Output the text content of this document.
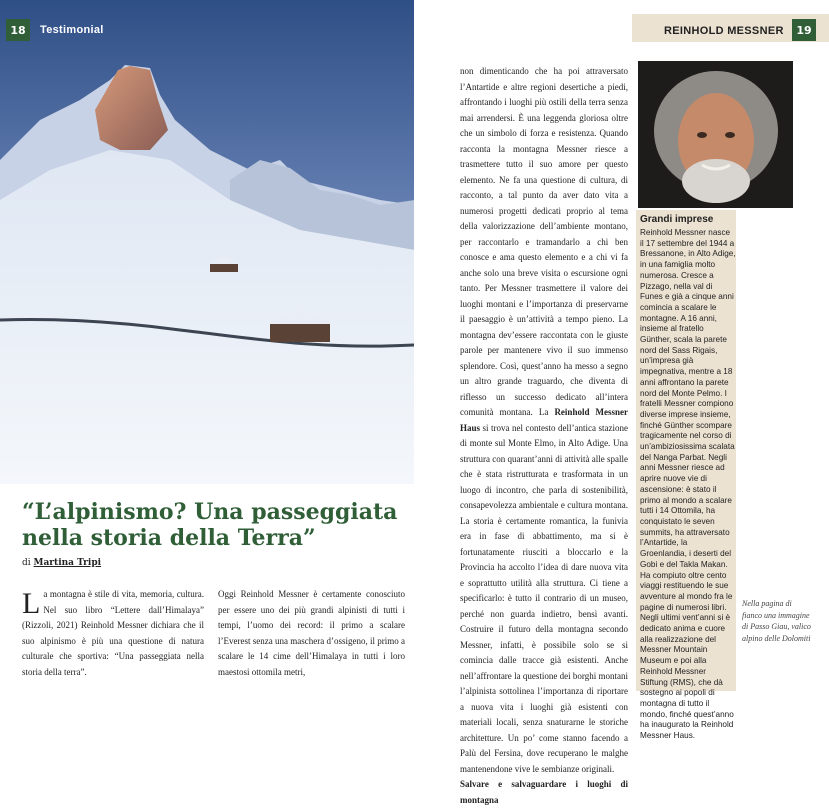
18	Testimonial
“L’alpinismo? Una passeggiata nella storia della Terra”
di Martina Tripi
L a montagna è stile di vita, memoria, cultura. Nel suo libro “Lettere dall’Himalaya” (Rizzoli, 2021) Reinhold Messner dichiara che il suo alpinismo è più una questione di natura culturale che sportiva: “Una passeggiata nella storia della terra”.
Oggi Reinhold Messner è certamente conosciuto per essere uno dei più grandi alpinisti di tutti i tempi, l’uomo dei record: il primo a scalare l’Everest senza una maschera d’ossigeno, il primo a scalare le 14 cime dell’Himalaya in tutti i loro maestosi ottomila metri,
REINHOLD MESSNER	19
non dimenticando che ha poi attraversato l’Antartide e altre regioni desertiche a piedi, affrontando i luoghi più ostili della terra senza mai arrendersi. È una leggenda gloriosa oltre che un simbolo di forza e resistenza. Quando racconta la montagna Messner riesce a trasmettere tutto il suo amore per questo elemento. Ne fa una questione di cultura, di racconto, a tal punto da aver dato vita a numerosi progetti dedicati proprio al tema della valorizzazione dell’ambiente montano, per raccontarlo e tramandarlo a chi ben conosce e ama questo elemento e a chi vi fa anche solo una breve visita o escursione ogni tanto. Per Messner trasmettere il valore dei luoghi montani e l’importanza di preservarne il paesaggio è un’attività a tempo pieno. La montagna dev’essere raccontata con le giuste parole per mantenere vivo il suo immenso splendore. Così, quest’anno ha messo a segno un altro grande traguardo, che diventa di riflesso un successo dedicato all’intera comunità montana. La Reinhold Messner Haus si trova nel contesto dell’antica stazione di monte sul Monte Elmo, in Alto Adige. Una struttura con quarant’anni di attività alle spalle che è stata ristrutturata e trasformata in un luogo di incontro, che parla di sostenibilità, consapevolezza ambientale e cultura montana. La storia è certamente romantica, la funivia era in fase di abbattimento, ma si è fortunatamente riusciti a bloccarlo e la Provincia ha accolto l’idea di dare nuova vita e soprattutto utilità alla struttura. Ci tiene a specificarlo: è tutto il contrario di un museo, perché non guarda indietro, bensì avanti. Costruire il futuro della montagna secondo Messner, infatti, è possibile solo se si comincia dalle tracce già esistenti. Anche nell’affrontare la questione dei borghi montani l’alpinista sottolinea l’importanza di riportare a nuova vita i luoghi già esistenti con materiali locali, senza snaturarne le storiche architetture. Un po’ come stanno facendo a Palù del Fersina, dove recuperano le malghe mantenendone vive le sembianze originali.
Salvare e salvaguardare i luoghi di montagna
Grandi imprese
Reinhold Messner nasce il 17 settembre del 1944 a Bressanone, in Alto Adige, in una famiglia molto numerosa. Cresce a Pizzago, nella val di Funes e già a cinque anni comincia a scalare le montagne. A 16 anni, insieme al fratello Günther, scala la parete nord del Sass Rigais, un’impresa già impegnativa, mentre a 18 anni affrontano la parete nord del Monte Pelmo. I fratelli Messner compiono diverse imprese insieme, finché Günther scompare tragicamente nel corso di un’ambiziosissima scalata del Nanga Parbat. Negli anni Messner riesce ad aprire nuove vie di ascensione: è stato il primo al mondo a scalare tutti i 14 Ottomila, ha conquistato le seven summits, ha attraversato l’Antartide, la Groenlandia, i deserti del Gobi e del Takla Makan. Ha compiuto oltre cento viaggi restituendo le sue avventure al mondo fra le pagine di numerosi libri. Negli ultimi vent’anni si è dedicato anima e cuore alla realizzazione del Messner Mountain Museum e poi alla Reinhold Messner Stiftung (RMS), che dà sostegno ai popoli di montagna di tutto il mondo, finché quest’anno ha inaugurato la Reinhold Messner Haus.
Nella pagina di fianco una immagine di Passo Giau, valico alpino delle Dolomiti
